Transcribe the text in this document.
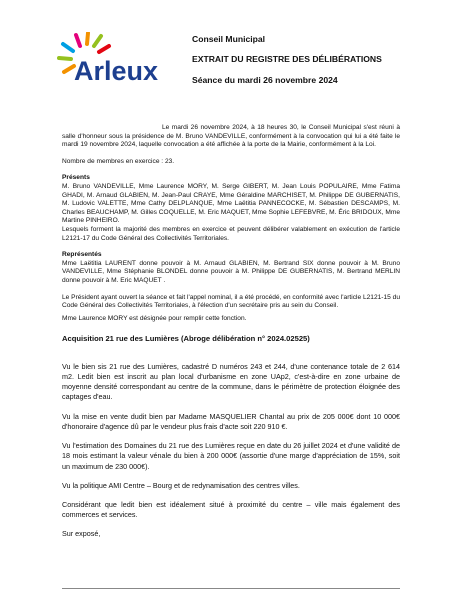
Arleux
Conseil Municipal
EXTRAIT DU REGISTRE DES DÉLIBÉRATIONS
Séance du mardi 26 novembre 2024

Le mardi 26 novembre 2024, à 18 heures 30, le Conseil Municipal s'est réuni à salle d'honneur sous la présidence de M. Bruno VANDEVILLE, conformément à la convocation qui lui a été faite le mardi 19 novembre 2024, laquelle convocation a été affichée à la porte de la Mairie, conformément à la Loi.

Nombre de membres en exercice : 23.

Présents

M. Bruno VANDEVILLE, Mme Laurence MORY, M. Serge GIBERT, M. Jean Louis POPULAIRE, Mme Fatima GHADI, M. Arnaud GLABIEN, M. Jean-Paul CRAYE, Mme Géraldine MARCHISET, M. Philippe DE GUBERNATIS, M. Ludovic VALETTE, Mme Cathy DELPLANQUE, Mme Laëtitia PANNECOCKE, M. Sébastien DESCAMPS, M. Charles BEAUCHAMP, M. Gilles COQUELLE, M. Eric MAQUET, Mme Sophie LEFEBVRE, M. Éric BRIDOUX, Mme Martine PINHEIRO.

Lesquels forment la majorité des membres en exercice et peuvent délibérer valablement en exécution de l'article L2121-17 du Code Général des Collectivités Territoriales.

Représentés

Mme Laëtitia LAURENT donne pouvoir à M. Arnaud GLABIEN, M. Bertrand SIX donne pouvoir à M. Bruno VANDEVILLE, Mme Stéphanie BLONDEL donne pouvoir à M. Philippe DE GUBERNATIS, M. Bertrand MERLIN donne pouvoir à M. Eric MAQUET .

Le Président ayant ouvert la séance et fait l'appel nominal, il a été procédé, en conformité avec l'article L2121-15 du Code Général des Collectivités Territoriales, à l'élection d'un secrétaire pris au sein du Conseil.

Mme Laurence MORY est désignée pour remplir cette fonction.

Acquisition 21 rue des Lumières (Abroge délibération n° 2024.02525)

Vu le bien sis 21 rue des Lumières, cadastré D numéros 243 et 244, d'une contenance totale de 2 614 m2. Ledit bien est inscrit au plan local d'urbanisme en zone UAp2, c'est-à-dire en zone urbaine de moyenne densité correspondant au centre de la commune, dans le périmètre de protection éloignée des captages d'eau.

Vu la mise en vente dudit bien par Madame MASQUELIER Chantal au prix de 205 000€ dont 10 000€ d'honoraire d'agence dû par le vendeur plus frais d'acte soit 220 910 €.

Vu l'estimation des Domaines du 21 rue des Lumières reçue en date du 26 juillet 2024 et d'une validité de 18 mois estimant la valeur vénale du bien à 200 000€ (assortie d'une marge d'appréciation de 15%, soit un maximum de 230 000€).

Vu la politique AMI Centre – Bourg et de redynamisation des centres villes.

Considérant que ledit bien est idéalement situé à proximité du centre – ville mais également des commerces et services.

Sur exposé,
